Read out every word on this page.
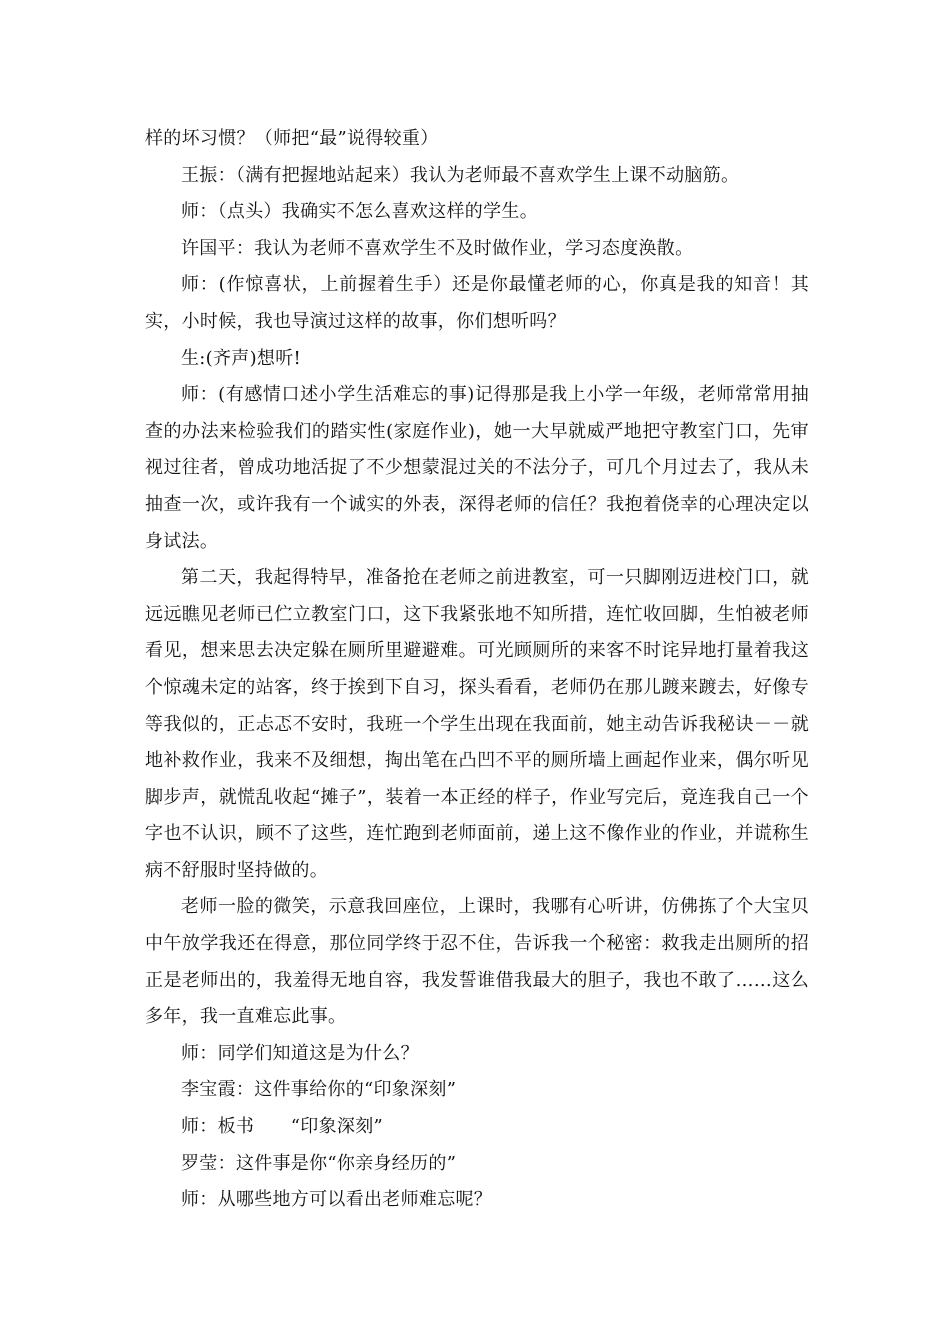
样的坏习惯？（师把“最”说得较重）

王振：（满有把握地站起来）我认为老师最不喜欢学生上课不动脑筋。

师：（点头）我确实不怎么喜欢这样的学生。

许国平：我认为老师不喜欢学生不及时做作业，学习态度涣散。

师：(作惊喜状，上前握着生手）还是你最懂老师的心，你真是我的知音！其实，小时候，我也导演过这样的故事，你们想听吗？

生:(齐声)想听!

师：(有感情口述小学生活难忘的事)记得那是我上小学一年级，老师常常用抽查的办法来检验我们的踏实性(家庭作业)，她一大早就威严地把守教室门口，先审视过往者，曾成功地活捉了不少想蒙混过关的不法分子，可几个月过去了，我从未抽查一次，或许我有一个诚实的外表，深得老师的信任？我抱着侥幸的心理决定以身试法。

第二天，我起得特早，准备抢在老师之前进教室，可一只脚刚迈进校门口，就远远瞧见老师已伫立教室门口，这下我紧张地不知所措，连忙收回脚，生怕被老师看见，想来思去决定躲在厕所里避避难。可光顾厕所的来客不时诧异地打量着我这个惊魂未定的站客，终于挨到下自习，探头看看，老师仍在那儿踱来踱去，好像专等我似的，正忐忑不安时，我班一个学生出现在我面前，她主动告诉我秘诀－－就地补救作业，我来不及细想，掏出笔在凸凹不平的厕所墙上画起作业来，偶尔听见脚步声，就慌乱收起“摊子”，装着一本正经的样子，作业写完后，竟连我自己一个字也不认识，顾不了这些，连忙跑到老师面前，递上这不像作业的作业，并谎称生病不舒服时坚持做的。

老师一脸的微笑，示意我回座位，上课时，我哪有心听讲，仿佛拣了个大宝贝中午放学我还在得意，那位同学终于忍不住，告诉我一个秘密：救我走出厕所的招正是老师出的，我羞得无地自容，我发誓谁借我最大的胆子，我也不敢了……这么多年，我一直难忘此事。

师：同学们知道这是为什么？

李宝霞：这件事给你的“印象深刻”

师：板书　　“印象深刻”

罗莹：这件事是你“你亲身经历的”

师：从哪些地方可以看出老师难忘呢？
